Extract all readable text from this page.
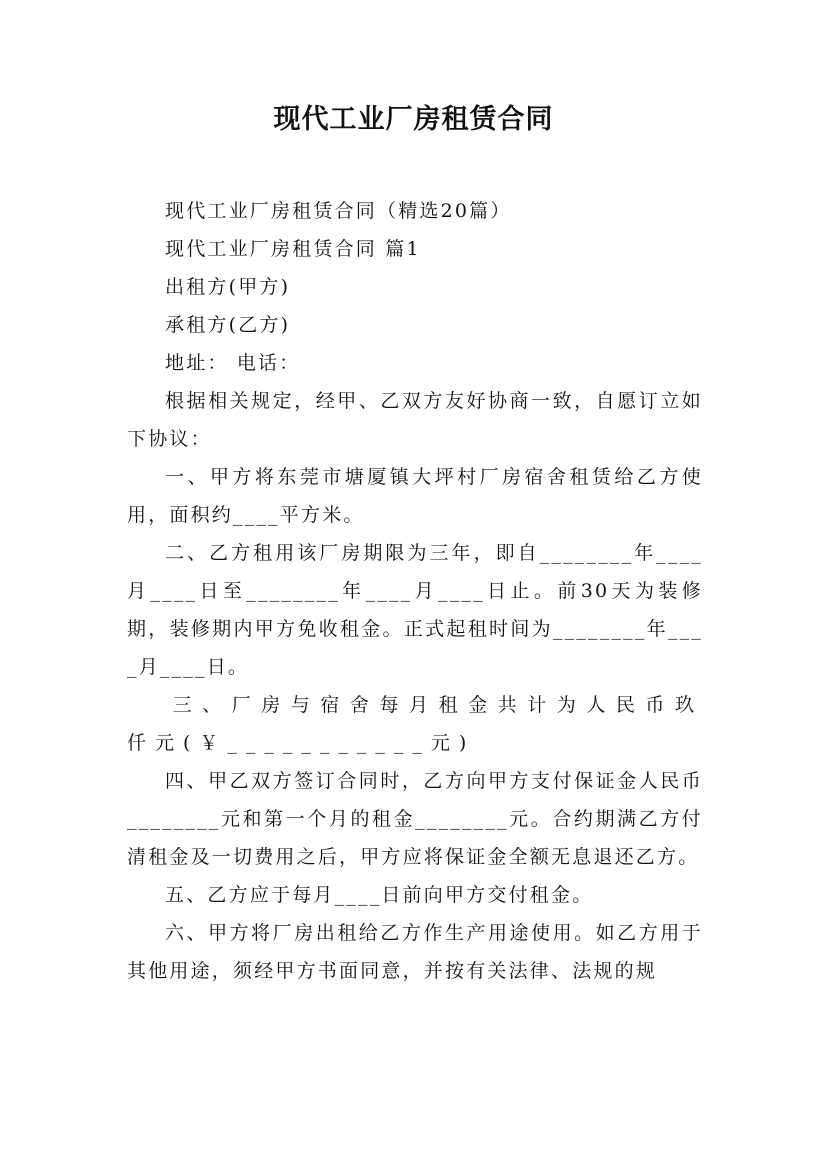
现代工业厂房租赁合同

现代工业厂房租赁合同（精选20篇）

现代工业厂房租赁合同 篇1

出租方(甲方)

承租方(乙方)

地址： 电话：

根据相关规定，经甲、乙双方友好协商一致，自愿订立如下协议：

一、甲方将东莞市塘厦镇大坪村厂房宿舍租赁给乙方使用，面积约____平方米。

二、乙方租用该厂房期限为三年，即自________年____月____日至________年____月____日止。前30天为装修期，装修期内甲方免收租金。正式起租时间为________年____月____日。

三、厂房与宿舍每月租金共计为人民币玖仟元(￥___________元)

四、甲乙双方签订合同时，乙方向甲方支付保证金人民币________元和第一个月的租金________元。合约期满乙方付清租金及一切费用之后，甲方应将保证金全额无息退还乙方。

五、乙方应于每月____日前向甲方交付租金。

六、甲方将厂房出租给乙方作生产用途使用。如乙方用于其他用途，须经甲方书面同意，并按有关法律、法规的规
